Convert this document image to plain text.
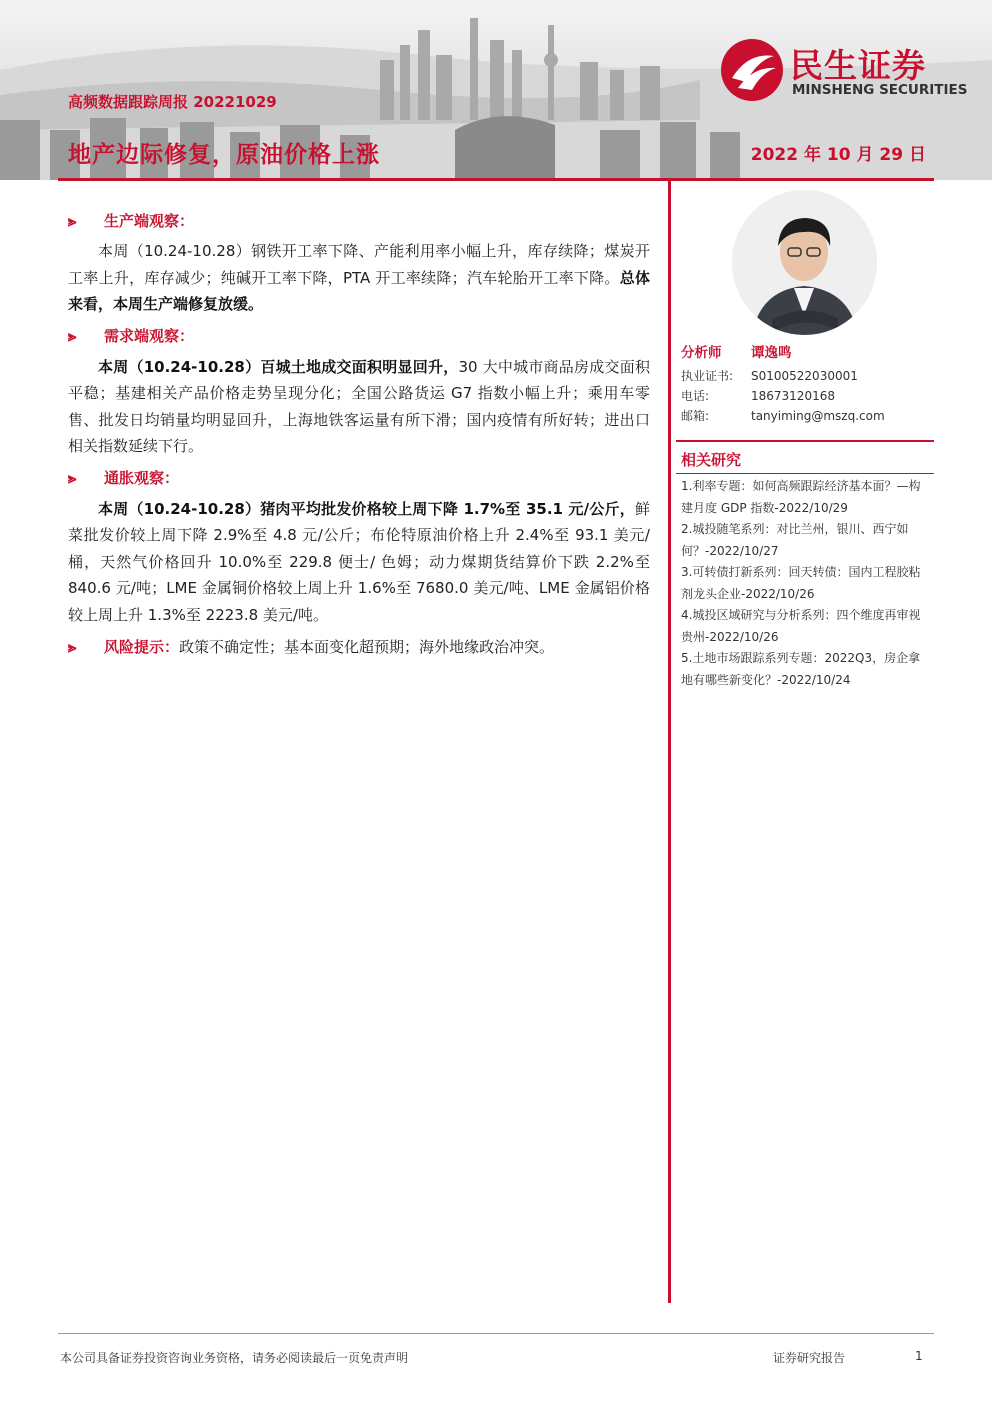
高频数据跟踪周报 20221029
地产边际修复，原油价格上涨	2022 年 10 月 29 日
民生证券
MINSHENG SECURITIES
⪢	生产端观察：

本周（10.24-10.28）钢铁开工率下降、产能利用率小幅上升，库存续降；煤炭开工率上升，库存减少；纯碱开工率下降，PTA 开工率续降；汽车轮胎开工率下降。总体来看，本周生产端修复放缓。

⪢	需求端观察：

本周（10.24-10.28）百城土地成交面积明显回升，30 大中城市商品房成交面积平稳；基建相关产品价格走势呈现分化；全国公路货运 G7 指数小幅上升；乘用车零售、批发日均销量均明显回升，上海地铁客运量有所下滑；国内疫情有所好转；进出口相关指数延续下行。

⪢	通胀观察：

本周（10.24-10.28）猪肉平均批发价格较上周下降 1.7%至 35.1 元/公斤，鲜菜批发价较上周下降 2.9%至 4.8 元/公斤；布伦特原油价格上升 2.4%至 93.1 美元/桶，天然气价格回升 10.0%至 229.8 便士/ 色姆；动力煤期货结算价下跌 2.2%至 840.6 元/吨；LME 金属铜价格较上周上升 1.6%至 7680.0 美元/吨、LME 金属铝价格较上周上升 1.3%至 2223.8 美元/吨。

⪢	风险提示：政策不确定性；基本面变化超预期；海外地缘政治冲突。
分析师	谭逸鸣
执业证书:	S0100522030001
电话:	18673120168
邮箱:	tanyiming@mszq.com
相关研究
1.利率专题：如何高频跟踪经济基本面？—构建月度 GDP 指数-2022/10/29
2.城投随笔系列：对比兰州，银川、西宁如何？-2022/10/27
3.可转债打新系列：回天转债：国内工程胶粘剂龙头企业-2022/10/26
4.城投区域研究与分析系列：四个维度再审视贵州-2022/10/26
5.土地市场跟踪系列专题：2022Q3，房企拿地有哪些新变化？-2022/10/24
本公司具备证券投资咨询业务资格，请务必阅读最后一页免责声明	证券研究报告	1
